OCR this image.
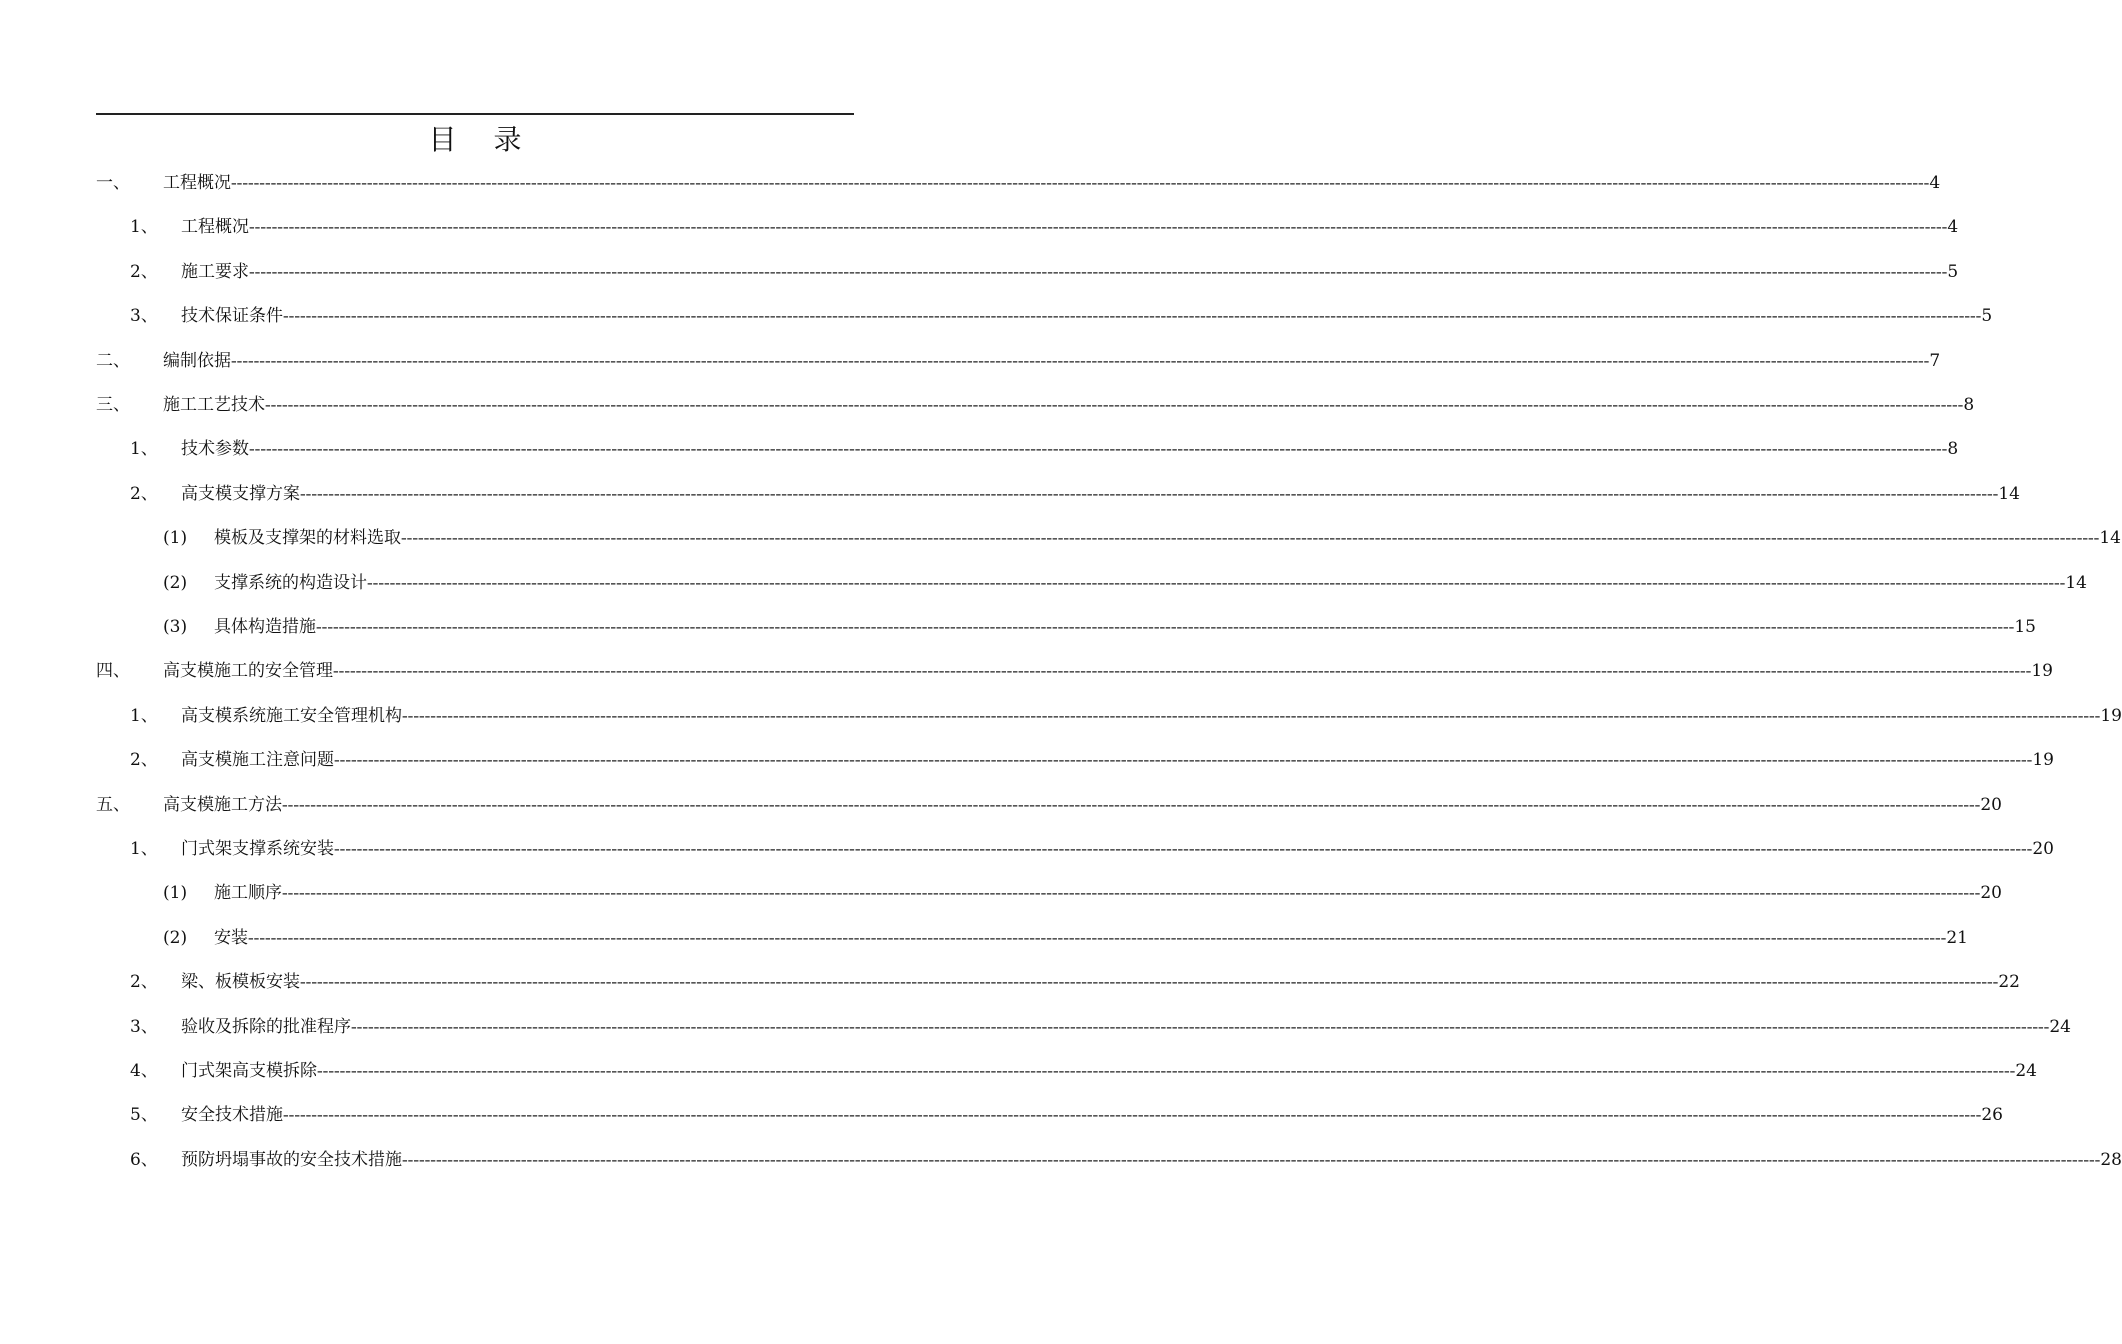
目 录
一、 工程概况 ------------------------------------------------------------------------------------------------------------------------------------------------------------------------------------------------------------------------------------------------------------------------------------------------------------ 4
1、 工程概况 ------------------------------------------------------------------------------------------------------------------------------------------------------------------------------------------------------------------------------------------------------------------------------------------------------------ 4
2、 施工要求 ------------------------------------------------------------------------------------------------------------------------------------------------------------------------------------------------------------------------------------------------------------------------------------------------------------ 5
3、 技术保证条件 ------------------------------------------------------------------------------------------------------------------------------------------------------------------------------------------------------------------------------------------------------------------------------------------------------------ 5
二、 编制依据 ------------------------------------------------------------------------------------------------------------------------------------------------------------------------------------------------------------------------------------------------------------------------------------------------------------ 7
三、 施工工艺技术 ------------------------------------------------------------------------------------------------------------------------------------------------------------------------------------------------------------------------------------------------------------------------------------------------------------ 8
1、 技术参数 ------------------------------------------------------------------------------------------------------------------------------------------------------------------------------------------------------------------------------------------------------------------------------------------------------------ 8
2、 高支模支撑方案 ------------------------------------------------------------------------------------------------------------------------------------------------------------------------------------------------------------------------------------------------------------------------------------------------------------ 14
(1) 模板及支撑架的材料选取 ------------------------------------------------------------------------------------------------------------------------------------------------------------------------------------------------------------------------------------------------------------------------------------------------------------ 14
(2) 支撑系统的构造设计 ------------------------------------------------------------------------------------------------------------------------------------------------------------------------------------------------------------------------------------------------------------------------------------------------------------ 14
(3) 具体构造措施 ------------------------------------------------------------------------------------------------------------------------------------------------------------------------------------------------------------------------------------------------------------------------------------------------------------ 15
四、 高支模施工的安全管理 ------------------------------------------------------------------------------------------------------------------------------------------------------------------------------------------------------------------------------------------------------------------------------------------------------------ 19
1、 高支模系统施工安全管理机构 ------------------------------------------------------------------------------------------------------------------------------------------------------------------------------------------------------------------------------------------------------------------------------------------------------------ 19
2、 高支模施工注意问题 ------------------------------------------------------------------------------------------------------------------------------------------------------------------------------------------------------------------------------------------------------------------------------------------------------------ 19
五、 高支模施工方法 ------------------------------------------------------------------------------------------------------------------------------------------------------------------------------------------------------------------------------------------------------------------------------------------------------------ 20
1、 门式架支撑系统安装 ------------------------------------------------------------------------------------------------------------------------------------------------------------------------------------------------------------------------------------------------------------------------------------------------------------ 20
(1) 施工顺序 ------------------------------------------------------------------------------------------------------------------------------------------------------------------------------------------------------------------------------------------------------------------------------------------------------------ 20
(2) 安装 ------------------------------------------------------------------------------------------------------------------------------------------------------------------------------------------------------------------------------------------------------------------------------------------------------------ 21
2、 梁、板模板安装 ------------------------------------------------------------------------------------------------------------------------------------------------------------------------------------------------------------------------------------------------------------------------------------------------------------ 22
3、 验收及拆除的批准程序 ------------------------------------------------------------------------------------------------------------------------------------------------------------------------------------------------------------------------------------------------------------------------------------------------------------ 24
4、 门式架高支模拆除 ------------------------------------------------------------------------------------------------------------------------------------------------------------------------------------------------------------------------------------------------------------------------------------------------------------ 24
5、 安全技术措施 ------------------------------------------------------------------------------------------------------------------------------------------------------------------------------------------------------------------------------------------------------------------------------------------------------------ 26
6、 预防坍塌事故的安全技术措施 ------------------------------------------------------------------------------------------------------------------------------------------------------------------------------------------------------------------------------------------------------------------------------------------------------------ 28
